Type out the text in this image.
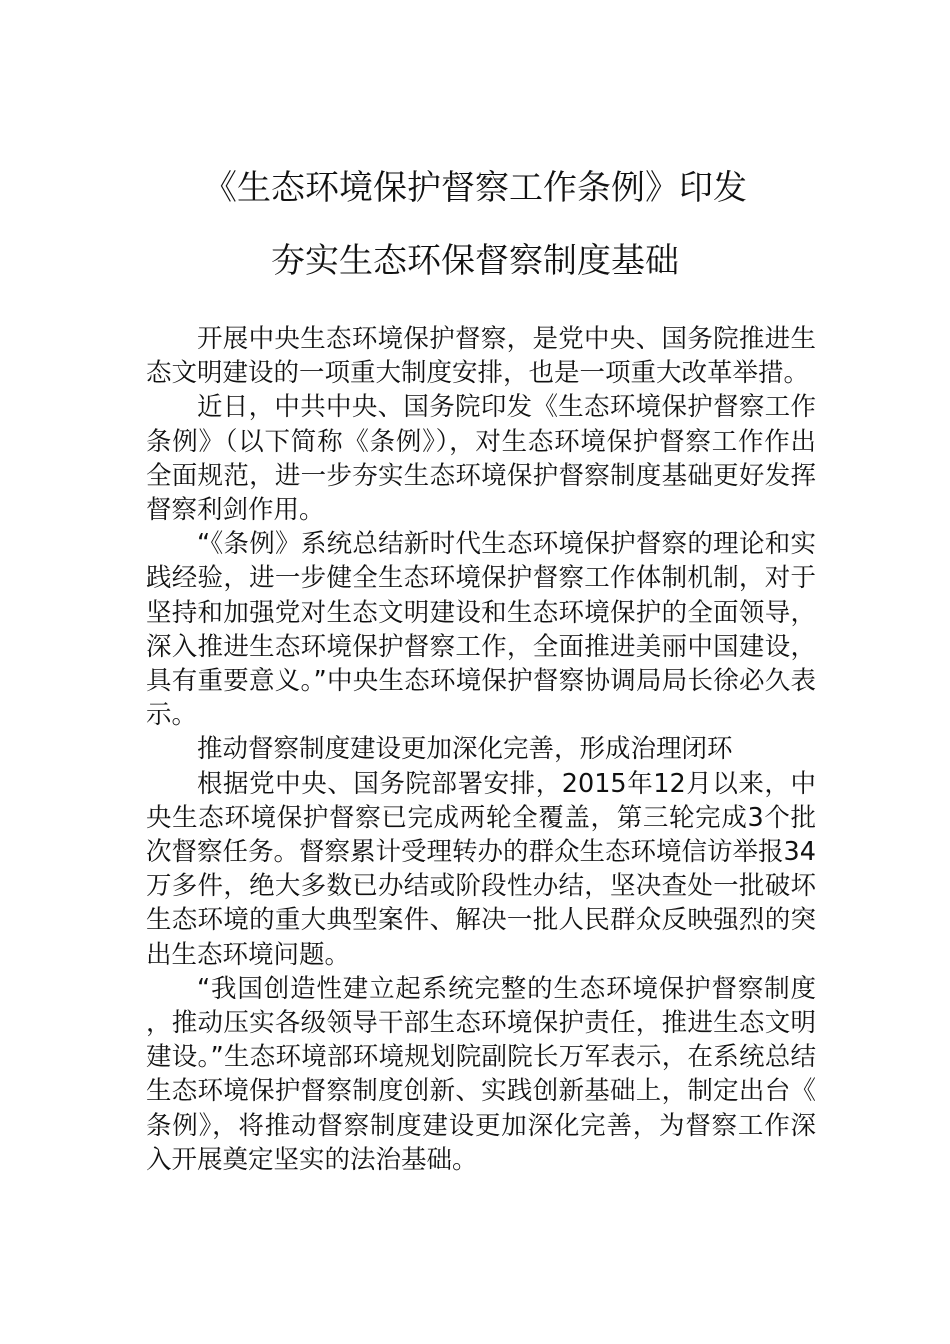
《生态环境保护督察工作条例》印发
夯实生态环保督察制度基础

开展中央生态环境保护督察，是党中央、国务院推进生态文明建设的一项重大制度安排，也是一项重大改革举措。

近日，中共中央、国务院印发《生态环境保护督察工作条例》（以下简称《条例》），对生态环境保护督察工作作出全面规范，进一步夯实生态环境保护督察制度基础更好发挥督察利剑作用。

“《条例》系统总结新时代生态环境保护督察的理论和实践经验，进一步健全生态环境保护督察工作体制机制，对于坚持和加强党对生态文明建设和生态环境保护的全面领导，深入推进生态环境保护督察工作，全面推进美丽中国建设，具有重要意义。”中央生态环境保护督察协调局局长徐必久表示。

推动督察制度建设更加深化完善，形成治理闭环

根据党中央、国务院部署安排，2015年12月以来，中央生态环境保护督察已完成两轮全覆盖，第三轮完成3个批次督察任务。督察累计受理转办的群众生态环境信访举报34万多件，绝大多数已办结或阶段性办结，坚决查处一批破坏生态环境的重大典型案件、解决一批人民群众反映强烈的突出生态环境问题。

“我国创造性建立起系统完整的生态环境保护督察制度，推动压实各级领导干部生态环境保护责任，推进生态文明建设。”生态环境部环境规划院副院长万军表示，在系统总结生态环境保护督察制度创新、实践创新基础上，制定出台《条例》，将推动督察制度建设更加深化完善，为督察工作深入开展奠定坚实的法治基础。
